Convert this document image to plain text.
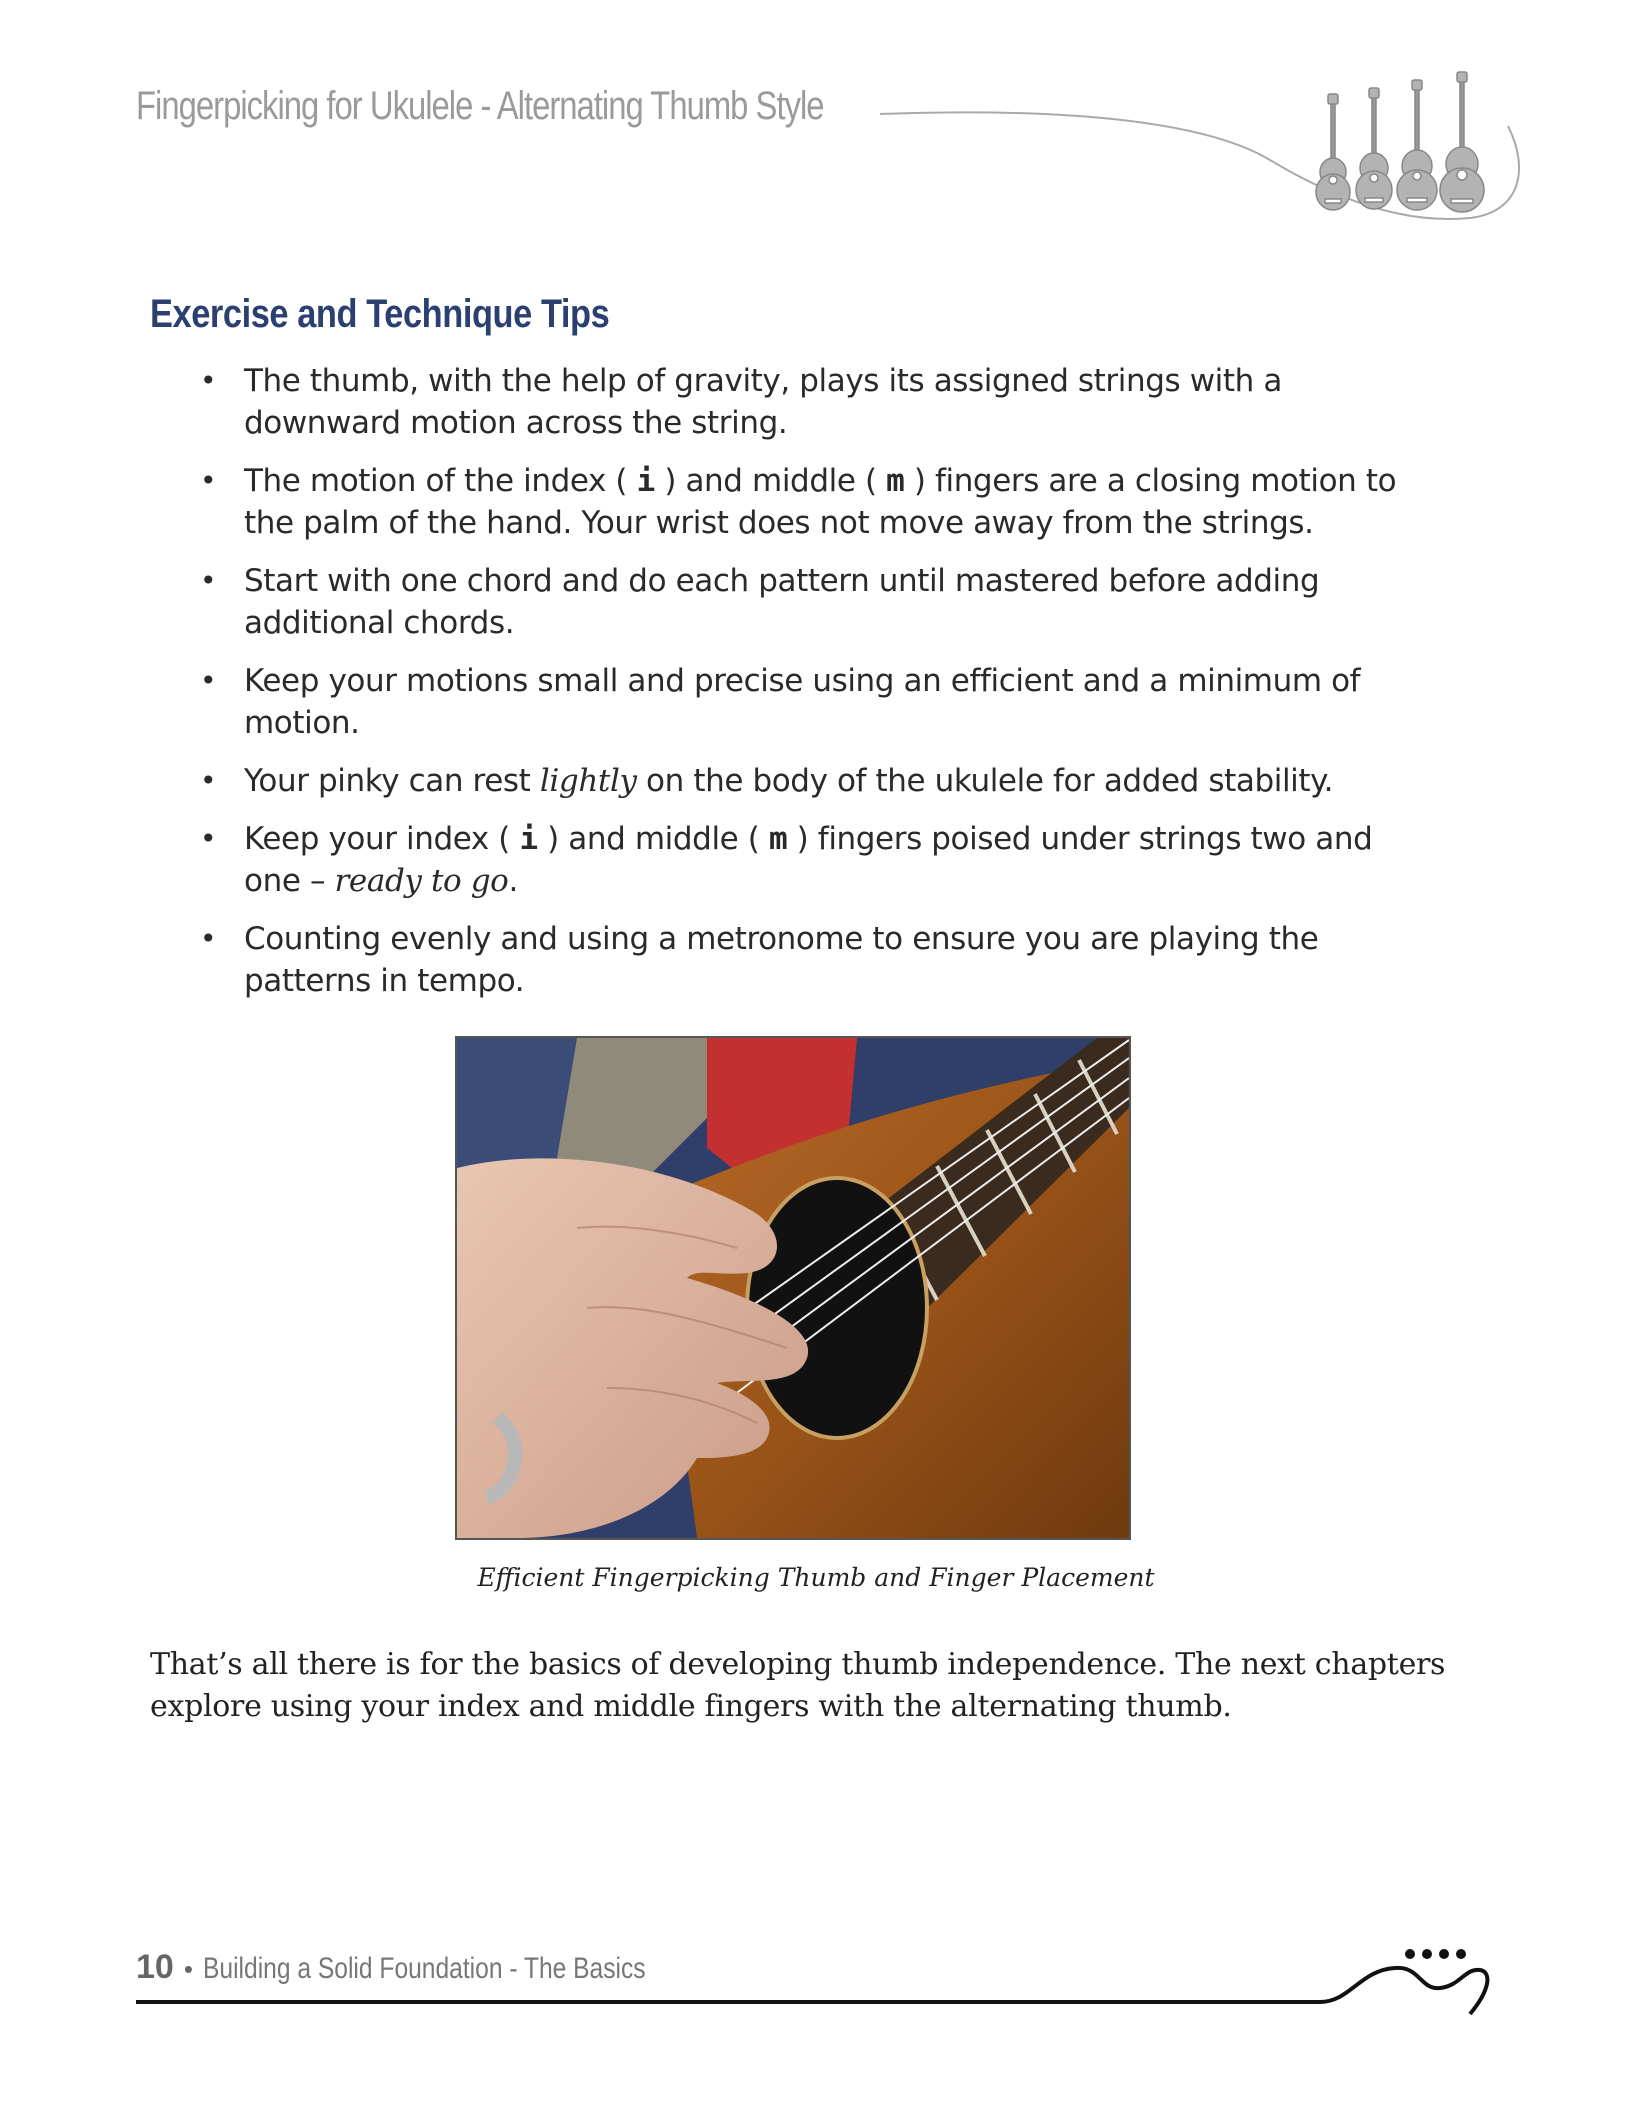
Fingerpicking for Ukulele - Alternating Thumb Style
Exercise and Technique Tips
• The thumb, with the help of gravity, plays its assigned strings with a downward motion across the string.
• The motion of the index ( i ) and middle ( m ) fingers are a closing motion to the palm of the hand. Your wrist does not move away from the strings.
• Start with one chord and do each pattern until mastered before adding additional chords.
• Keep your motions small and precise using an efficient and a minimum of motion.
• Your pinky can rest lightly on the body of the ukulele for added stability.
• Keep your index ( i ) and middle ( m ) fingers poised under strings two and one – ready to go.
• Counting evenly and using a metronome to ensure you are playing the patterns in tempo.
Efficient Fingerpicking Thumb and Finger Placement

That’s all there is for the basics of developing thumb independence. The next chapters explore using your index and middle fingers with the alternating thumb.

10 • Building a Solid Foundation - The Basics
